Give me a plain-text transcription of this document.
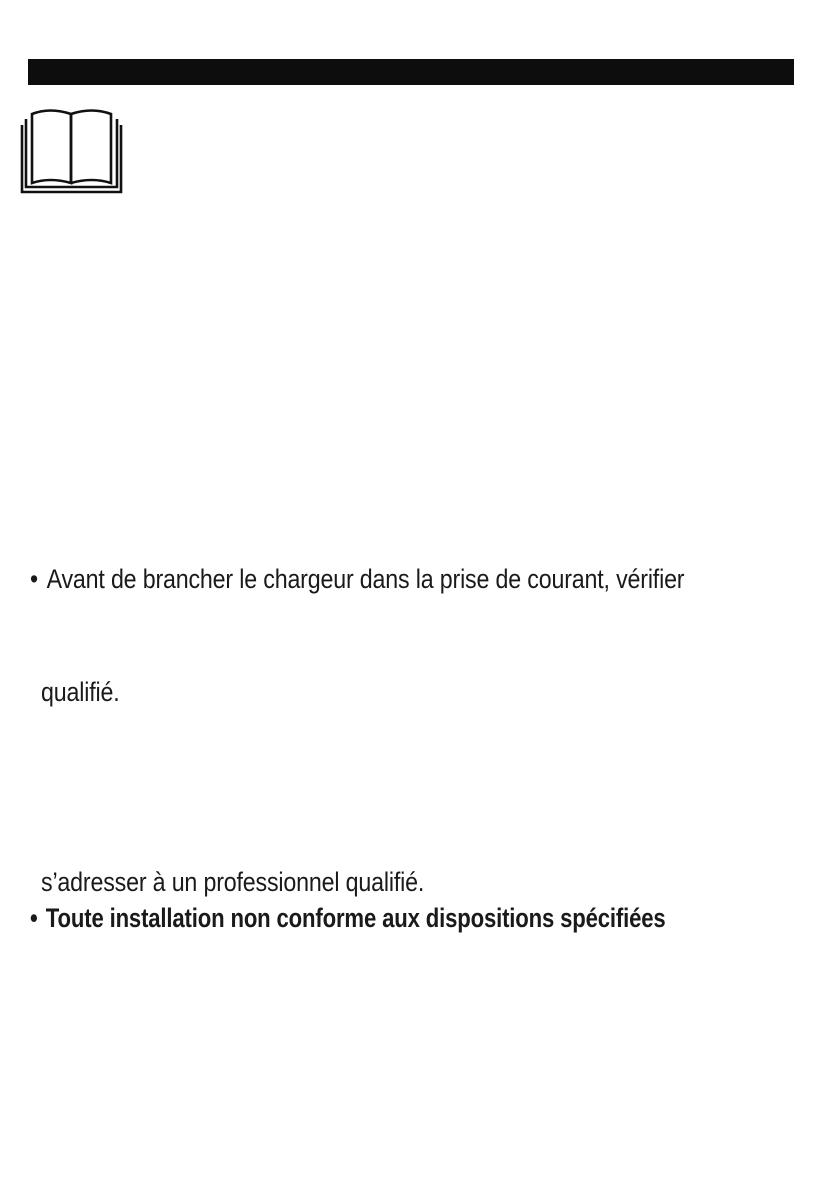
• Avant de brancher le chargeur dans la prise de courant, vérifier
qualifié.
s’adresser à un professionnel qualifié.
• Toute installation non conforme aux dispositions spécifiées
